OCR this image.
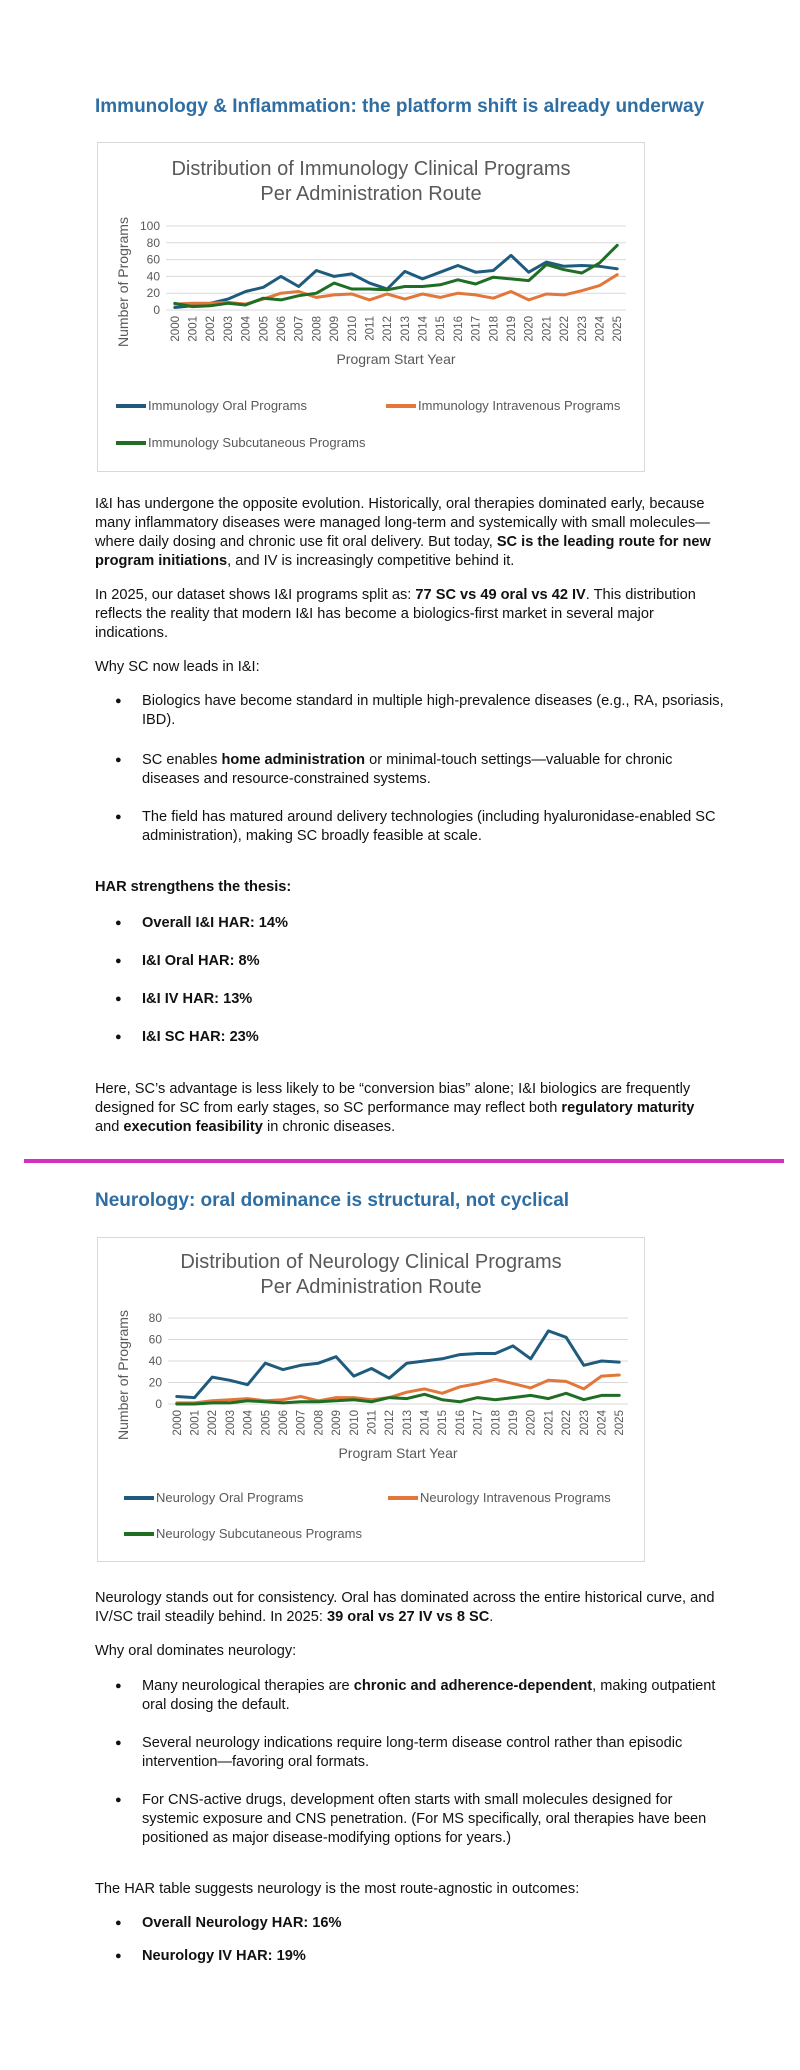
Immunology & Inflammation: the platform shift is already underway
Distribution of Immunology Clinical Programs
Per Administration Route
0
20
40
60
80
100
2000 2001 2002 2003 2004 2005 2006 2007 2008 2009 2010 2011 2012 2013 2014 2015 2016 2017 2018 2019 2020 2021 2022 2023 2024 2025
Program Start Year
Number of Programs
Immunology Oral Programs	Immunology Intravenous Programs
Immunology Subcutaneous Programs

I&I has undergone the opposite evolution. Historically, oral therapies dominated early, because many inflammatory diseases were managed long-term and systemically with small molecules—where daily dosing and chronic use fit oral delivery. But today, SC is the leading route for new program initiations, and IV is increasingly competitive behind it.

In 2025, our dataset shows I&I programs split as: 77 SC vs 49 oral vs 42 IV. This distribution reflects the reality that modern I&I has become a biologics-first market in several major indications.

Why SC now leads in I&I:

● Biologics have become standard in multiple high-prevalence diseases (e.g., RA, psoriasis, IBD).
● SC enables home administration or minimal-touch settings—valuable for chronic diseases and resource-constrained systems.
● The field has matured around delivery technologies (including hyaluronidase-enabled SC administration), making SC broadly feasible at scale.

HAR strengthens the thesis:

● Overall I&I HAR: 14%
● I&I Oral HAR: 8%
● I&I IV HAR: 13%
● I&I SC HAR: 23%

Here, SC’s advantage is less likely to be “conversion bias” alone; I&I biologics are frequently designed for SC from early stages, so SC performance may reflect both regulatory maturity and execution feasibility in chronic diseases.

Neurology: oral dominance is structural, not cyclical
Distribution of Neurology Clinical Programs
Per Administration Route
0
20
40
60
80
2000 2001 2002 2003 2004 2005 2006 2007 2008 2009 2010 2011 2012 2013 2014 2015 2016 2017 2018 2019 2020 2021 2022 2023 2024 2025
Program Start Year
Number of Programs
Neurology Oral Programs	Neurology Intravenous Programs
Neurology Subcutaneous Programs

Neurology stands out for consistency. Oral has dominated across the entire historical curve, and IV/SC trail steadily behind. In 2025: 39 oral vs 27 IV vs 8 SC.

Why oral dominates neurology:

● Many neurological therapies are chronic and adherence-dependent, making outpatient oral dosing the default.
● Several neurology indications require long-term disease control rather than episodic intervention—favoring oral formats.
● For CNS-active drugs, development often starts with small molecules designed for systemic exposure and CNS penetration. (For MS specifically, oral therapies have been positioned as major disease-modifying options for years.)

The HAR table suggests neurology is the most route-agnostic in outcomes:

● Overall Neurology HAR: 16%
● Neurology IV HAR: 19%
